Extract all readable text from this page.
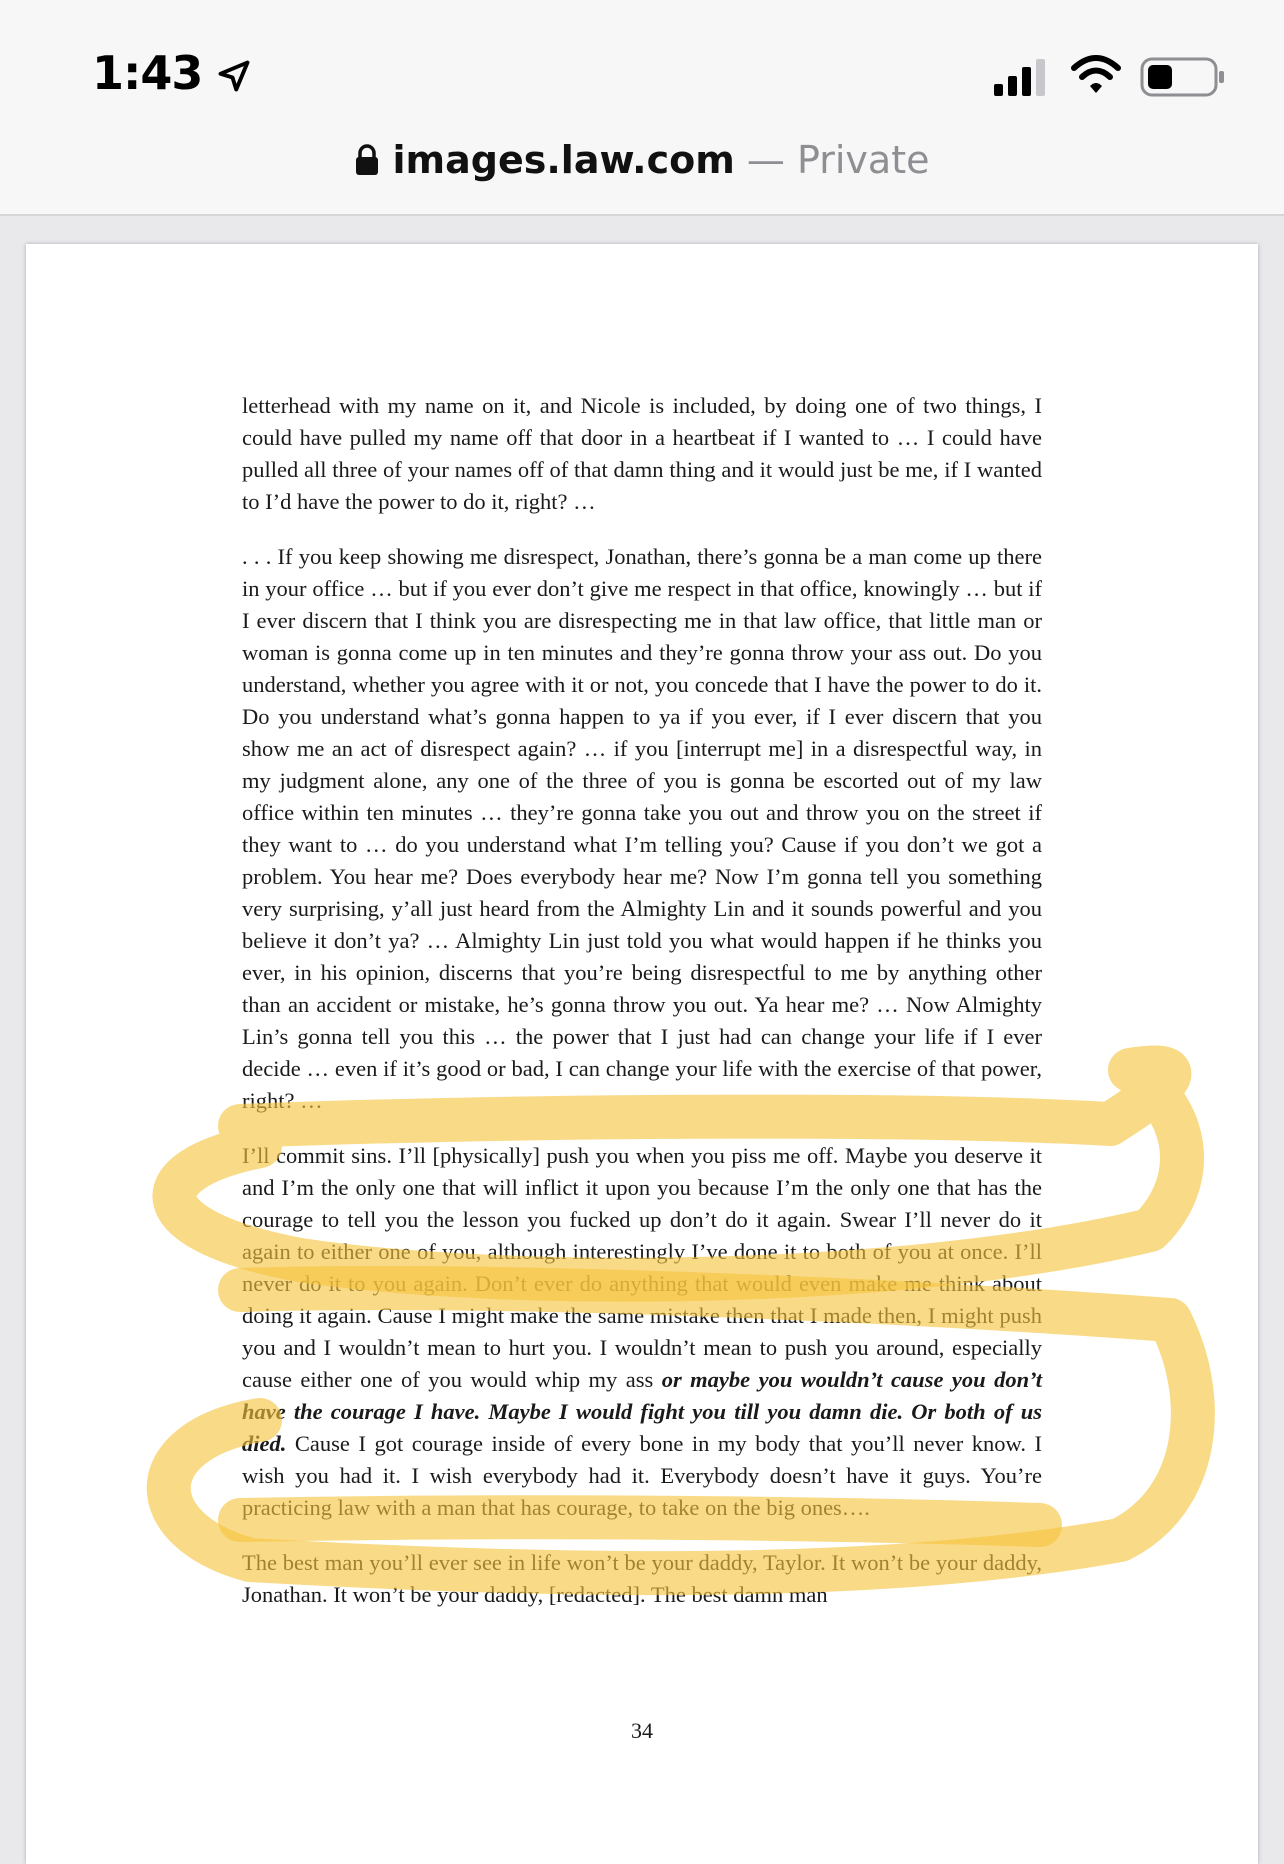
1:43
images.law.com — Private

letterhead with my name on it, and Nicole is included, by doing one of two things, I could have pulled my name off that door in a heartbeat if I wanted to … I could have pulled all three of your names off of that damn thing and it would just be me, if I wanted to I’d have the power to do it, right? …

. . . If you keep showing me disrespect, Jonathan, there’s gonna be a man come up there in your office … but if you ever don’t give me respect in that office, knowingly … but if I ever discern that I think you are disrespecting me in that law office, that little man or woman is gonna come up in ten minutes and they’re gonna throw your ass out. Do you understand, whether you agree with it or not, you concede that I have the power to do it. Do you understand what’s gonna happen to ya if you ever, if I ever discern that you show me an act of disrespect again? … if you [interrupt me] in a disrespectful way, in my judgment alone, any one of the three of you is gonna be escorted out of my law office within ten minutes … they’re gonna take you out and throw you on the street if they want to … do you understand what I’m telling you? Cause if you don’t we got a problem. You hear me? Does everybody hear me? Now I’m gonna tell you something very surprising, y’all just heard from the Almighty Lin and it sounds powerful and you believe it don’t ya? … Almighty Lin just told you what would happen if he thinks you ever, in his opinion, discerns that you’re being disrespectful to me by anything other than an accident or mistake, he’s gonna throw you out. Ya hear me? … Now Almighty Lin’s gonna tell you this … the power that I just had can change your life if I ever decide … even if it’s good or bad, I can change your life with the exercise of that power, right? …

I’ll commit sins. I’ll [physically] push you when you piss me off. Maybe you deserve it and I’m the only one that will inflict it upon you because I’m the only one that has the courage to tell you the lesson you fucked up don’t do it again. Swear I’ll never do it again to either one of you, although interestingly I’ve done it to both of you at once. I’ll never do it to you again. Don’t ever do anything that would even make me think about doing it again. Cause I might make the same mistake then that I made then, I might push you and I wouldn’t mean to hurt you. I wouldn’t mean to push you around, especially cause either one of you would whip my ass or maybe you wouldn’t cause you don’t have the courage I have. Maybe I would fight you till you damn die. Or both of us died. Cause I got courage inside of every bone in my body that you’ll never know. I wish you had it. I wish everybody had it. Everybody doesn’t have it guys. You’re practicing law with a man that has courage, to take on the big ones….

The best man you’ll ever see in life won’t be your daddy, Taylor. It won’t be your daddy, Jonathan. It won’t be your daddy, [redacted]. The best damn man

34
